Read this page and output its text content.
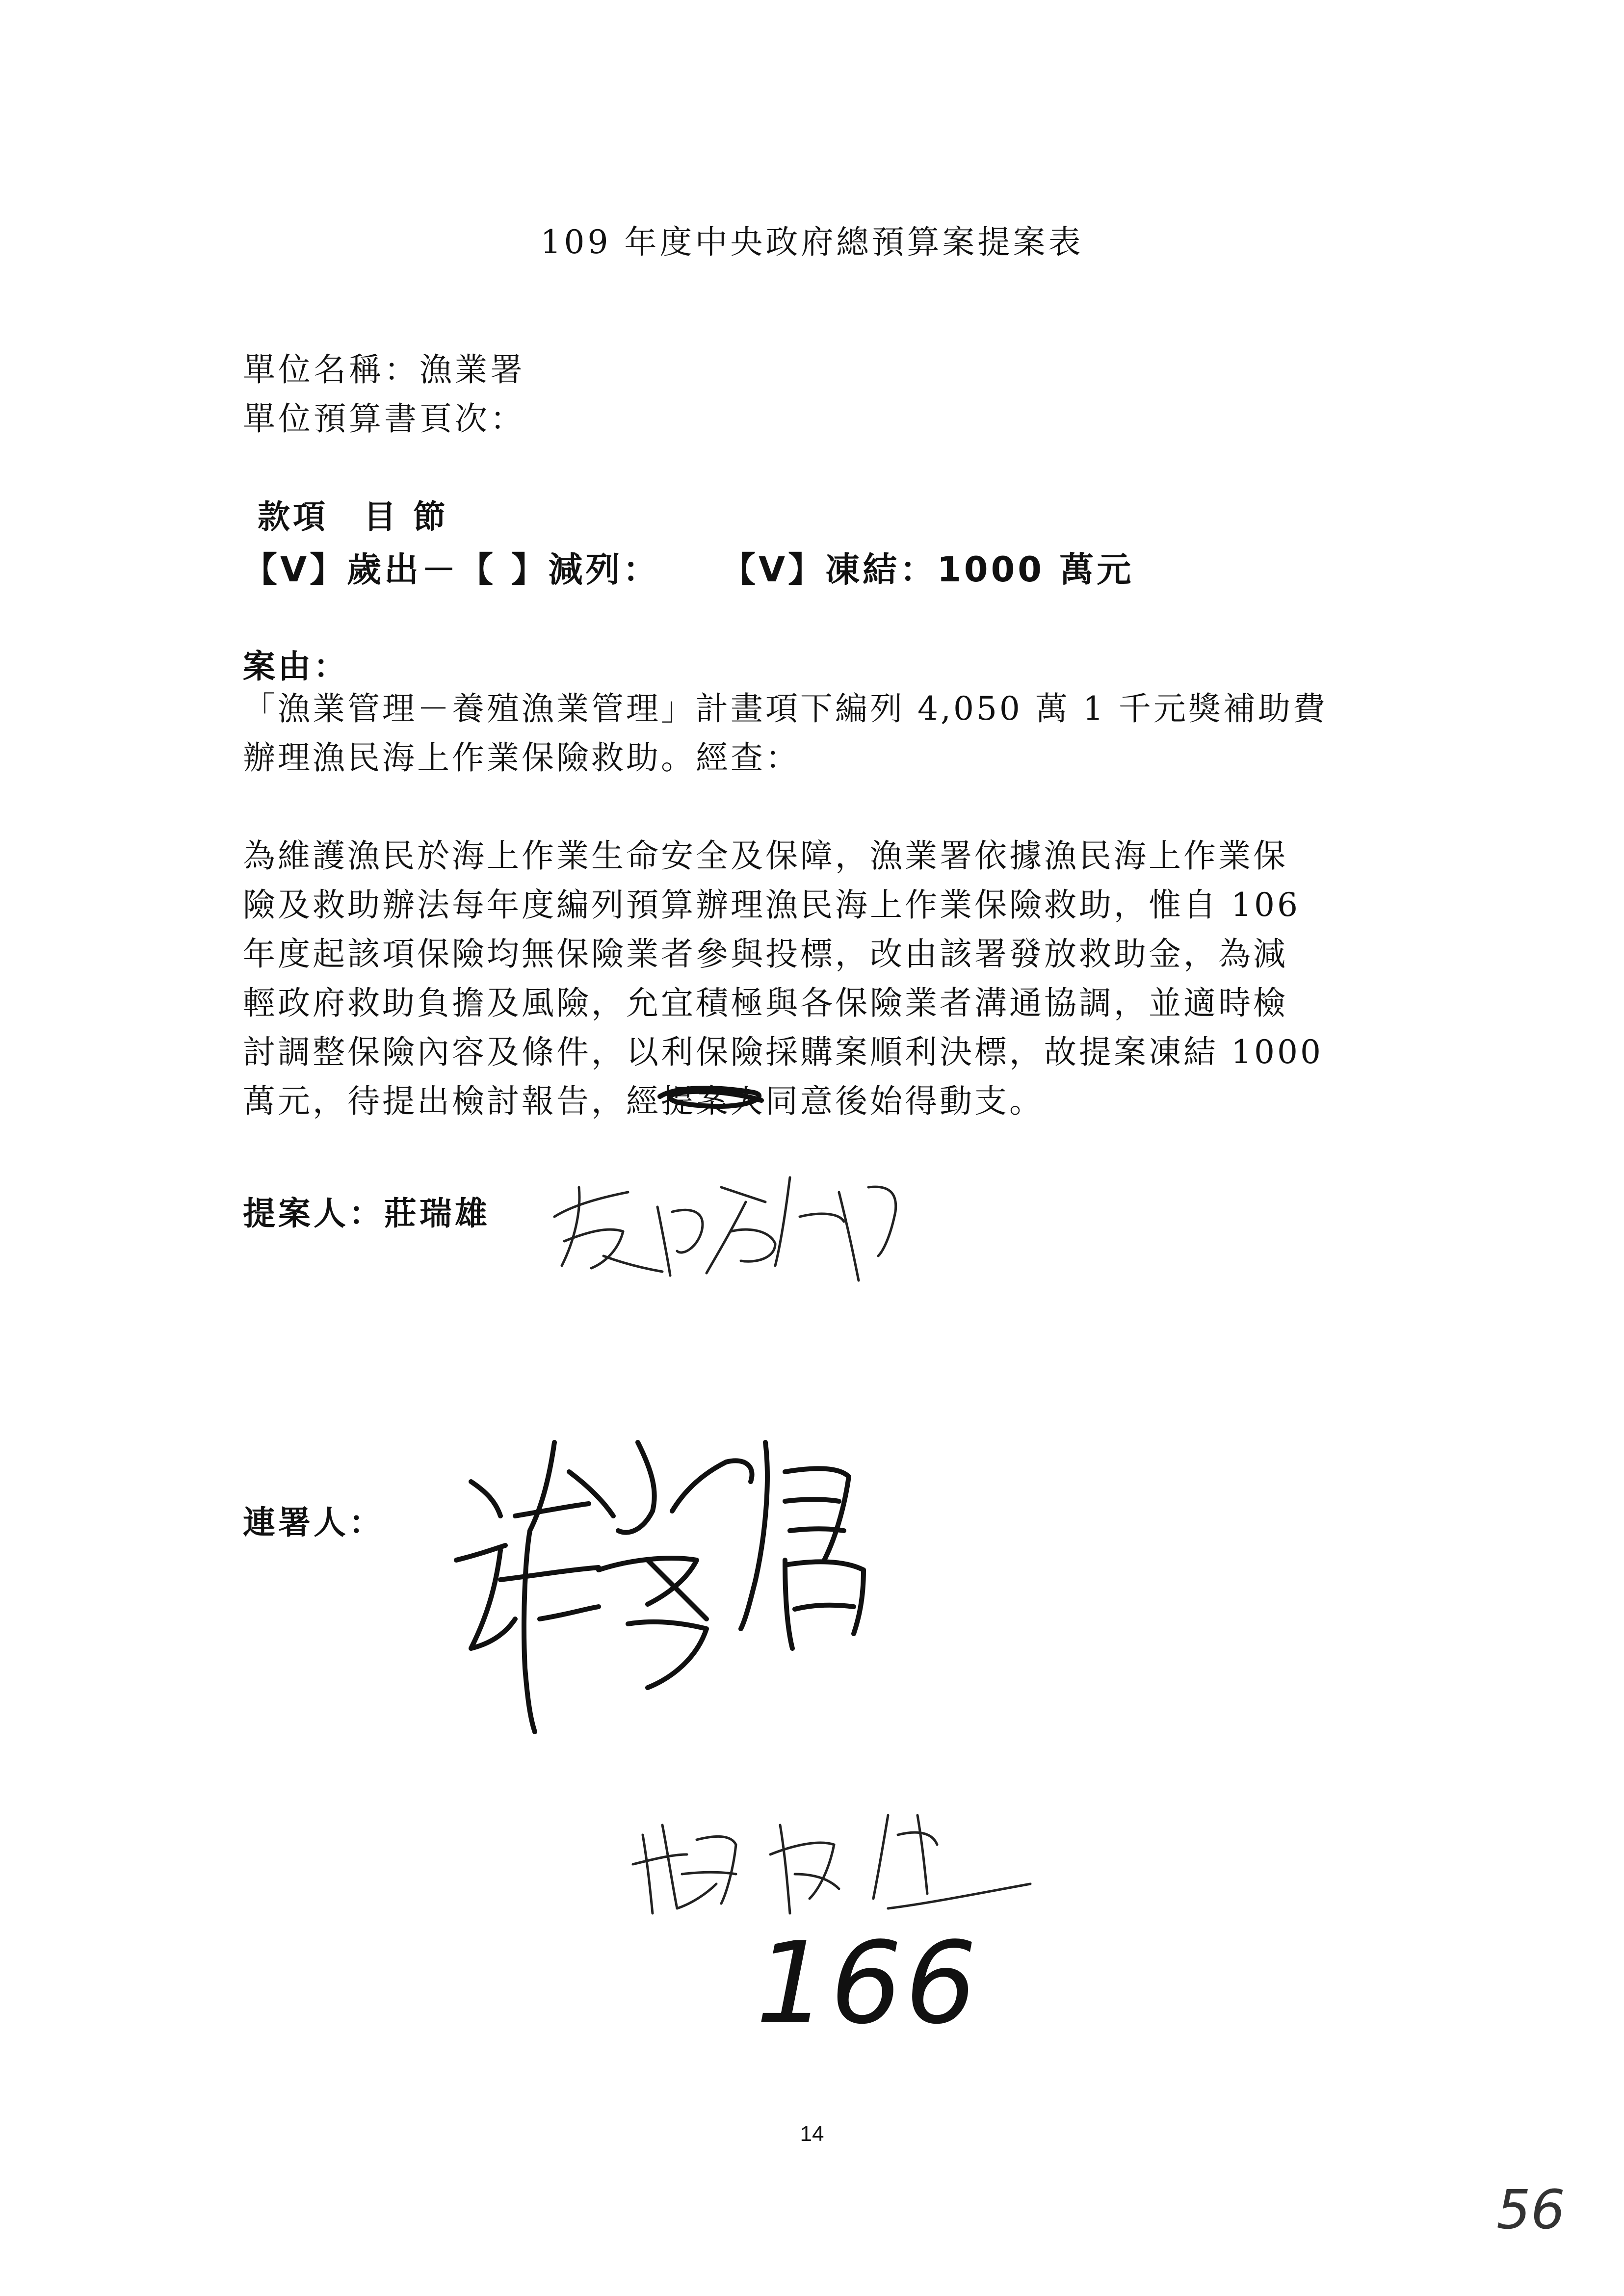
109 年度中央政府總預算案提案表
單位名稱：漁業署
單位預算書頁次：
款項　目 節
【V】歲出－【 】減列： 【V】凍結：1000 萬元
案由：

「漁業管理－養殖漁業管理」計畫項下編列 4,050 萬 1 千元獎補助費

辦理漁民海上作業保險救助。經查：

為維護漁民於海上作業生命安全及保障，漁業署依據漁民海上作業保

險及救助辦法每年度編列預算辦理漁民海上作業保險救助，惟自 106

年度起該項保險均無保險業者參與投標，改由該署發放救助金，為減

輕政府救助負擔及風險，允宜積極與各保險業者溝通協調，並適時檢

討調整保險內容及條件，以利保險採購案順利決標，故提案凍結 1000

萬元，待提出檢討報告，經提案人
同意後始得動支。

提案人：莊瑞雄
連署人：
166
14
56
